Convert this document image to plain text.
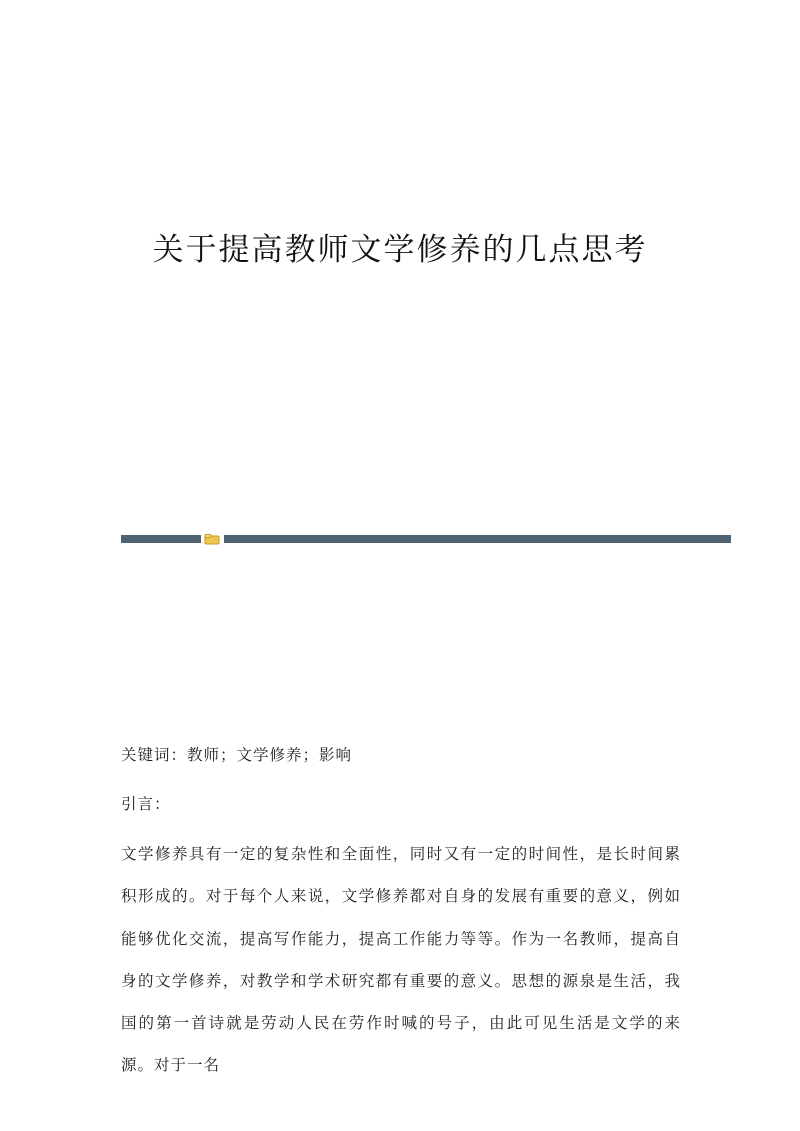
关于提高教师文学修养的几点思考
关键词：教师；文学修养；影响
引言：
文学修养具有一定的复杂性和全面性，同时又有一定的时间性，是长时间累积形成的。对于每个人来说，文学修养都对自身的发展有重要的意义，例如能够优化交流，提高写作能力，提高工作能力等等。作为一名教师，提高自身的文学修养，对教学和学术研究都有重要的意义。思想的源泉是生活，我国的第一首诗就是劳动人民在劳作时喊的号子，由此可见生活是文学的来源。对于一名
